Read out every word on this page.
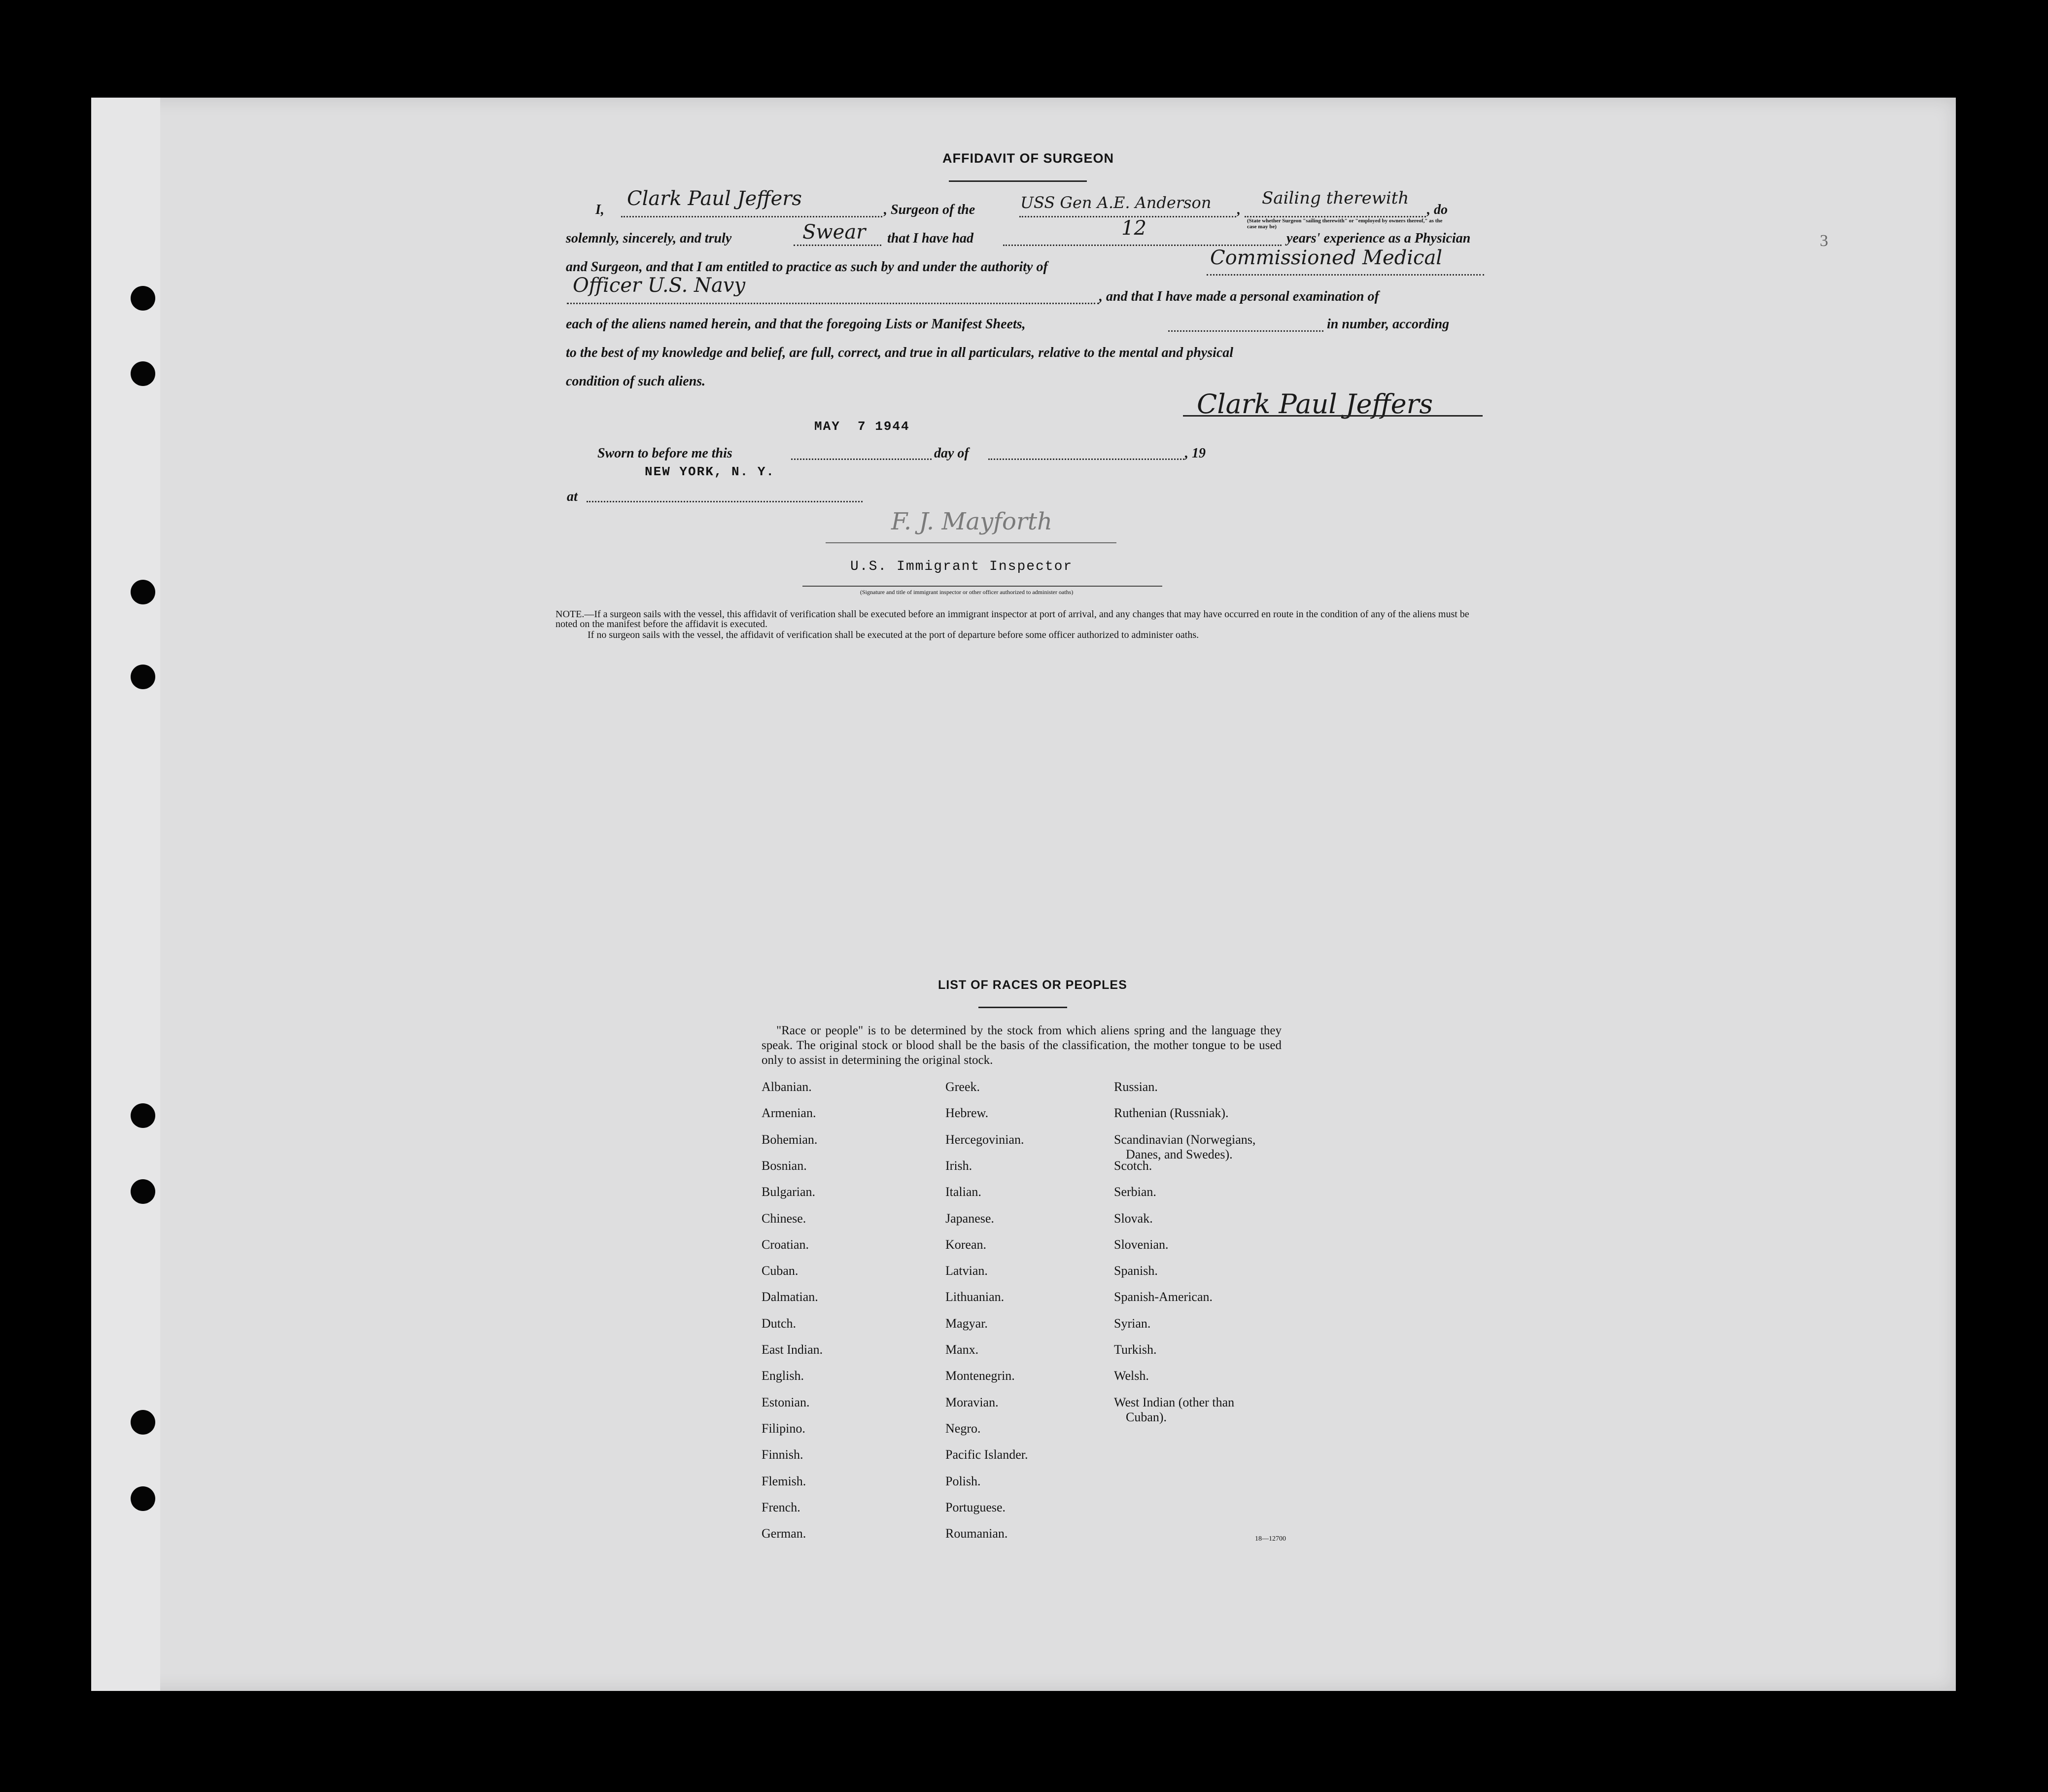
3
AFFIDAVIT OF SURGEON
I, Clark Paul Jeffers	, Surgeon of the	USS Gen A.E. Anderson ,
Sailing therewith
, do
(State whether Surgeon "sailing therewith" or "employed by owners thereof," as the case may be)
solemnly, sincerely, and truly	Swear that I have had	12	years' experience as a Physician
and Surgeon, and that I am entitled to practice as such by and under the authority of	Commissioned Medical
Officer U.S. Navy	, and that I have made a personal examination of
each of the aliens named herein, and that the foregoing Lists or Manifest Sheets,	in number, according
to the best of my knowledge and belief, are full, correct, and true in all particulars, relative to the mental and physical
condition of such aliens.
Clark Paul Jeffers
MAY  7 1944
Sworn to before me this	day of	, 19
NEW YORK, N. Y.
at
F. J. Mayforth
U.S. Immigrant Inspector
(Signature and title of immigrant inspector or other officer authorized to administer oaths)
NOTE.—If a surgeon sails with the vessel, this affidavit of verification shall be executed before an immigrant inspector at port of arrival, and any changes that may have occurred en route in the condition of any of the aliens must be noted on the manifest before the affidavit is executed.
If no surgeon sails with the vessel, the affidavit of verification shall be executed at the port of departure before some officer authorized to administer oaths.
LIST OF RACES OR PEOPLES
"Race or people" is to be determined by the stock from which aliens spring and the language they speak. The original stock or blood shall be the basis of the classification, the mother tongue to be used only to assist in determining the original stock.
Albanian.
Armenian.
Bohemian.
Bosnian.
Bulgarian.
Chinese.
Croatian.
Cuban.
Dalmatian.
Dutch.
East Indian.
English.
Estonian.
Filipino.
Finnish.
Flemish.
French.
German.
Greek.
Hebrew.
Hercegovinian.
Irish.
Italian.
Japanese.
Korean.
Latvian.
Lithuanian.
Magyar.
Manx.
Montenegrin.
Moravian.
Negro.
Pacific Islander.
Polish.
Portuguese.
Roumanian.
Russian.
Ruthenian (Russniak).
Scandinavian (Norwegians,
Danes, and Swedes).
Scotch.
Serbian.
Slovak.
Slovenian.
Spanish.
Spanish-American.
Syrian.
Turkish.
Welsh.
West Indian (other than
Cuban).
18—12700
